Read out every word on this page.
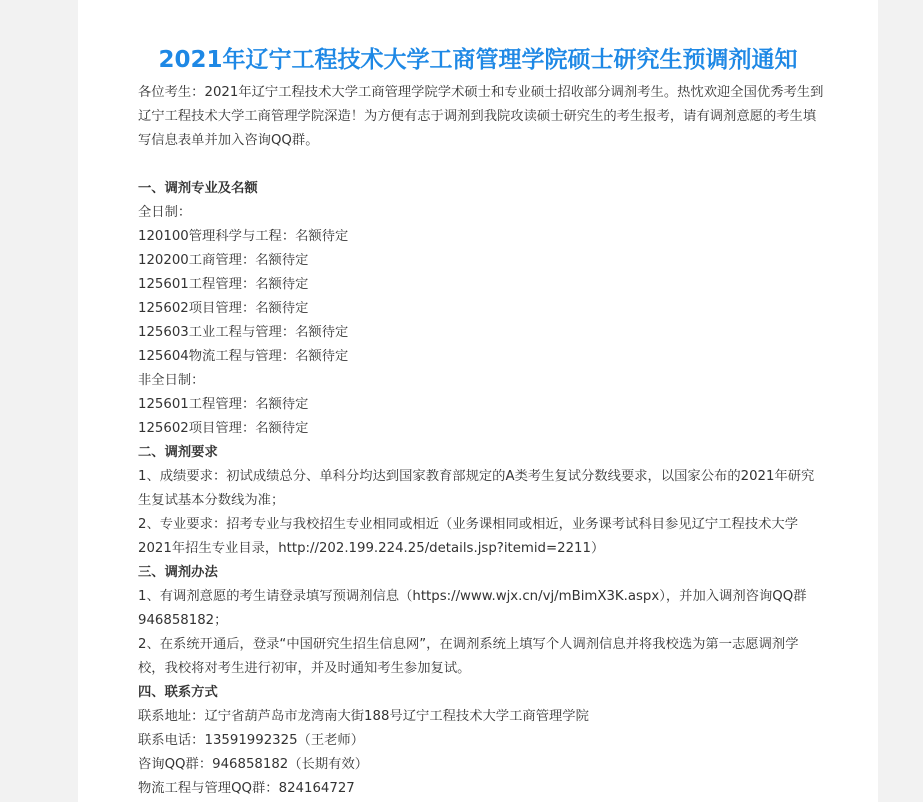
2021年辽宁工程技术大学工商管理学院硕士研究生预调剂通知

各位考生：2021年辽宁工程技术大学工商管理学院学术硕士和专业硕士招收部分调剂考生。热忱欢迎全国优秀考生到辽宁工程技术大学工商管理学院深造！为方便有志于调剂到我院攻读硕士研究生的考生报考，请有调剂意愿的考生填写信息表单并加入咨询QQ群。

一、调剂专业及名额

全日制：

120100管理科学与工程：名额待定

120200工商管理：名额待定

125601工程管理：名额待定

125602项目管理：名额待定

125603工业工程与管理：名额待定

125604物流工程与管理：名额待定

非全日制：

125601工程管理：名额待定

125602项目管理：名额待定

二、调剂要求

1、成绩要求：初试成绩总分、单科分均达到国家教育部规定的A类考生复试分数线要求，以国家公布的2021年研究生复试基本分数线为准；

2、专业要求：招考专业与我校招生专业相同或相近（业务课相同或相近，业务课考试科目参见辽宁工程技术大学2021年招生专业目录，http://202.199.224.25/details.jsp?itemid=2211）

三、调剂办法

1、有调剂意愿的考生请登录填写预调剂信息（https://www.wjx.cn/vj/mBimX3K.aspx），并加入调剂咨询QQ群946858182；

2、在系统开通后，登录“中国研究生招生信息网”，在调剂系统上填写个人调剂信息并将我校选为第一志愿调剂学校，我校将对考生进行初审，并及时通知考生参加复试。

四、联系方式

联系地址：辽宁省葫芦岛市龙湾南大街188号辽宁工程技术大学工商管理学院

联系电话：13591992325（王老师）

咨询QQ群：946858182（长期有效）

物流工程与管理QQ群：824164727
